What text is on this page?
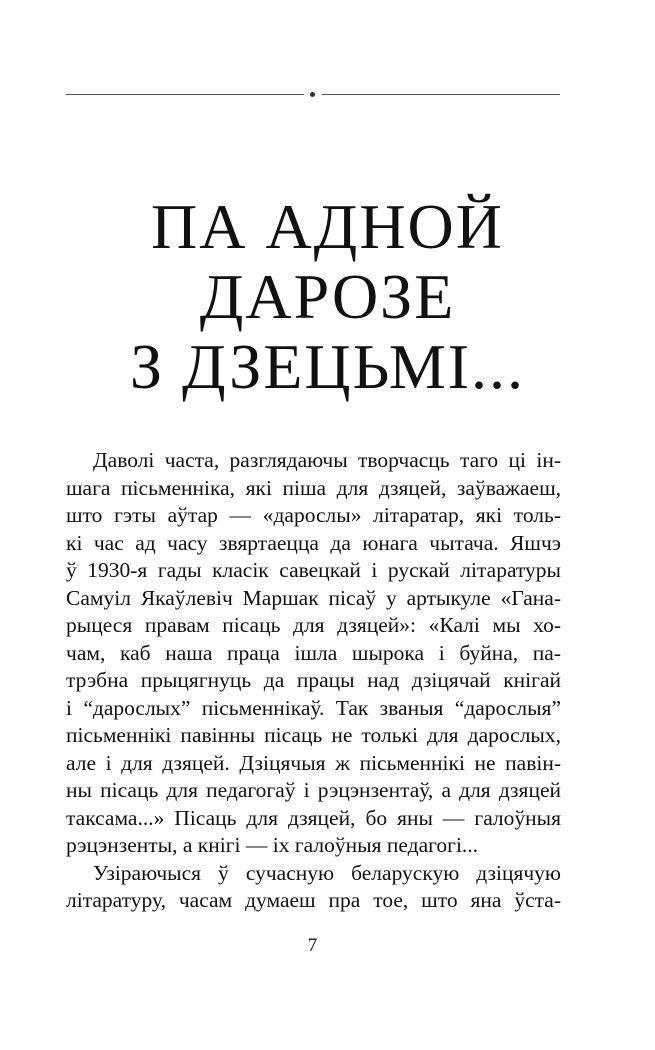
ПА АДНОЙ
ДАРОЗЕ
З ДЗЕЦЬМІ...
Даволі часта, разглядаючы творчасць таго ці ін-
шага пісьменніка, які піша для дзяцей, заўважаеш,
што гэты аўтар — «дарослы» літаратар, які толь-
кі час ад часу звяртаецца да юнага чытача. Яшчэ
ў 1930-я гады класік савецкай і рускай літаратуры
Самуіл Якаўлевіч Маршак пісаў у артыкуле «Гана-
рыцеся правам пісаць для дзяцей»: «Калі мы хо-
чам, каб наша праца ішла шырока і буйна, па-
трэбна прыцягнуць да працы над дзіцячай кнігай
і “дарослых” пісьменнікаў. Так званыя “дарослыя”
пісьменнікі павінны пісаць не толькі для дарослых,
але і для дзяцей. Дзіцячыя ж пісьменнікі не павін-
ны пісаць для педагогаў і рэцэнзентаў, а для дзяцей
таксама...» Пісаць для дзяцей, бо яны — галоўныя
рэцэнзенты, а кнігі — іх галоўныя педагогі...
Узіраючыся ў сучасную беларускую дзіцячую
літаратуру, часам думаеш пра тое, што яна ўста-
7
